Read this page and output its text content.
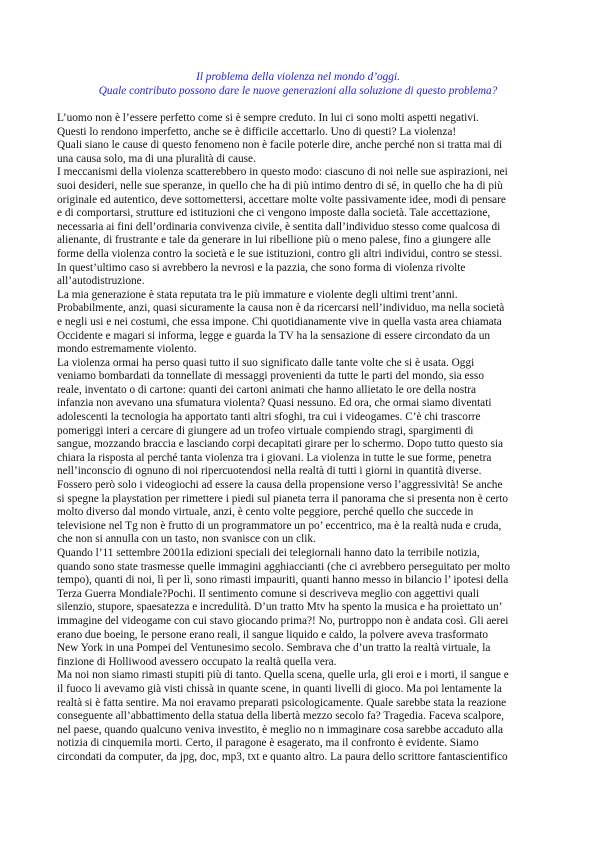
Il problema della violenza nel mondo d’oggi.
Quale contributo possono dare le nuove generazioni alla soluzione di questo problema?
L’uomo non è l’essere perfetto come si è sempre creduto. In lui ci sono molti aspetti negativi.
Questi lo rendono imperfetto, anche se è difficile accettarlo. Uno di questi? La violenza!
Quali siano le cause di questo fenomeno non è facile poterle dire, anche perché non si tratta mai di
una causa solo, ma di una pluralità di cause.
I meccanismi della violenza scatterebbero in questo modo: ciascuno di noi nelle sue aspirazioni, nei
suoi desideri, nelle sue speranze, in quello che ha di più intimo dentro di sé, in quello che ha di più
originale ed autentico, deve sottomettersi, accettare molte volte passivamente idee, modi di pensare
e di comportarsi, strutture ed istituzioni che ci vengono imposte dalla società. Tale accettazione,
necessaria ai fini dell’ordinaria convivenza civile, è sentita dall’individuo stesso come qualcosa di
alienante, di frustrante e tale da generare in lui ribellione più o meno palese, fino a giungere alle
forme della violenza contro la società e le sue istituzioni, contro gli altri individui, contro se stessi.
In quest’ultimo caso si avrebbero la nevrosi e la pazzia, che sono forma di violenza rivolte
all’autodistruzione.
La mia generazione è stata reputata tra le più immature e violente degli ultimi trent’anni.
Probabilmente, anzi, quasi sicuramente la causa non è da ricercarsi nell’individuo, ma nella società
e negli usi e nei costumi, che essa impone. Chi quotidianamente vive in quella vasta area chiamata
Occidente e magari si informa, legge e guarda la TV ha la sensazione di essere circondato da un
mondo estremamente violento.
La violenza ormai ha perso quasi tutto il suo significato dalle tante volte che si è usata. Oggi
veniamo bombardati da tonnellate di messaggi provenienti da tutte le parti del mondo, sia esso
reale, inventato o di cartone: quanti dei cartoni animati che hanno allietato le ore della nostra
infanzia non avevano una sfumatura violenta? Quasi nessuno. Ed ora, che ormai siamo diventati
adolescenti la tecnologia ha apportato tanti altri sfoghi, tra cui i videogames. C’è chi trascorre
pomeriggi interi a cercare di giungere ad un trofeo virtuale compiendo stragi, spargimenti di
sangue, mozzando braccia e lasciando corpi decapitati girare per lo schermo. Dopo tutto questo sia
chiara la risposta al perché tanta violenza tra i giovani. La violenza in tutte le sue forme, penetra
nell’inconscio di ognuno di noi ripercuotendosi nella realtà di tutti i giorni in quantità diverse.
Fossero però solo i videogiochi ad essere la causa della propensione verso l’aggressività! Se anche
si spegne la playstation per rimettere i piedi sul pianeta terra il panorama che si presenta non è certo
molto diverso dal mondo virtuale, anzi, è cento volte peggiore, perché quello che succede in
televisione nel Tg non è frutto di un programmatore un po’ eccentrico, ma è la realtà nuda e cruda,
che non si annulla con un tasto, non svanisce con un clik.
Quando l’11 settembre 2001la edizioni speciali dei telegiornali hanno dato la terribile notizia,
quando sono state trasmesse quelle immagini agghiaccianti (che ci avrebbero perseguitato per molto
tempo), quanti di noi, lì per lì, sono rimasti impauriti, quanti hanno messo in bilancio l’ ipotesi della
Terza Guerra Mondiale?Pochi. Il sentimento comune si descriveva meglio con aggettivi quali
silenzio, stupore, spaesatezza e incredulità. D’un tratto Mtv ha spento la musica e ha proiettato un’
immagine del videogame con cui stavo giocando prima?! No, purtroppo non è andata così. Gli aerei
erano due boeing, le persone erano reali, il sangue liquido e caldo, la polvere aveva trasformato
New York in una Pompei del Ventunesimo secolo. Sembrava che d’un tratto la realtà virtuale, la
finzione di Holliwood avessero occupato la realtà quella vera.
Ma noi non siamo rimasti stupiti più di tanto. Quella scena, quelle urla, gli eroi e i morti, il sangue e
il fuoco li avevamo già visti chissà in quante scene, in quanti livelli di gioco. Ma poi lentamente la
realtà si è fatta sentire. Ma noi eravamo preparati psicologicamente. Quale sarebbe stata la reazione
conseguente all’abbattimento della statua della libertà mezzo secolo fa? Tragedia. Faceva scalpore,
nel paese, quando qualcuno veniva investito, è meglio no n immaginare cosa sarebbe accaduto alla
notizia di cinquemila morti. Certo, il paragone è esagerato, ma il confronto è evidente. Siamo
circondati da computer, da jpg, doc, mp3, txt e quanto altro. La paura dello scrittore fantascientifico
